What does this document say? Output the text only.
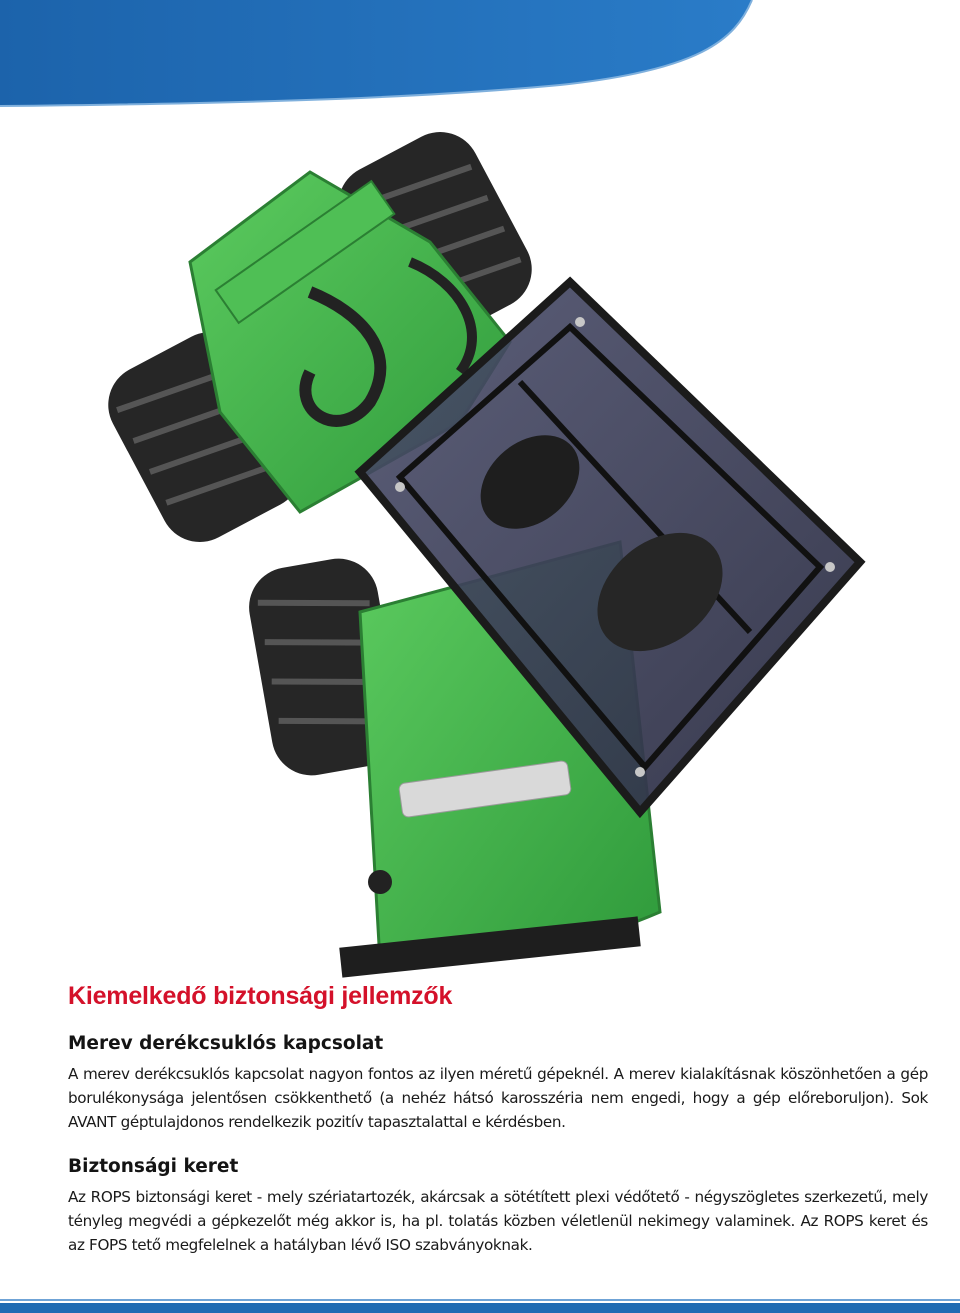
Kiemelkedő biztonsági jellemzők
Merev derékcsuklós kapcsolat

A merev derékcsuklós kapcsolat nagyon fontos az ilyen méretű gépeknél. A merev kialakításnak köszönhetően a gép borulékonysága jelentősen csökkenthető (a nehéz hátsó karosszéria nem engedi, hogy a gép előreboruljon). Sok AVANT géptulajdonos rendelkezik pozitív tapasztalattal e kérdésben.

Biztonsági keret

Az ROPS biztonsági keret - mely szériatartozék, akárcsak a sötétített plexi védőtető - négyszögletes szerkezetű, mely tényleg megvédi a gépkezelőt még akkor is, ha pl. tolatás közben véletlenül nekimegy valaminek. Az ROPS keret és az FOPS tető megfelelnek a hatályban lévő ISO szabványoknak.
